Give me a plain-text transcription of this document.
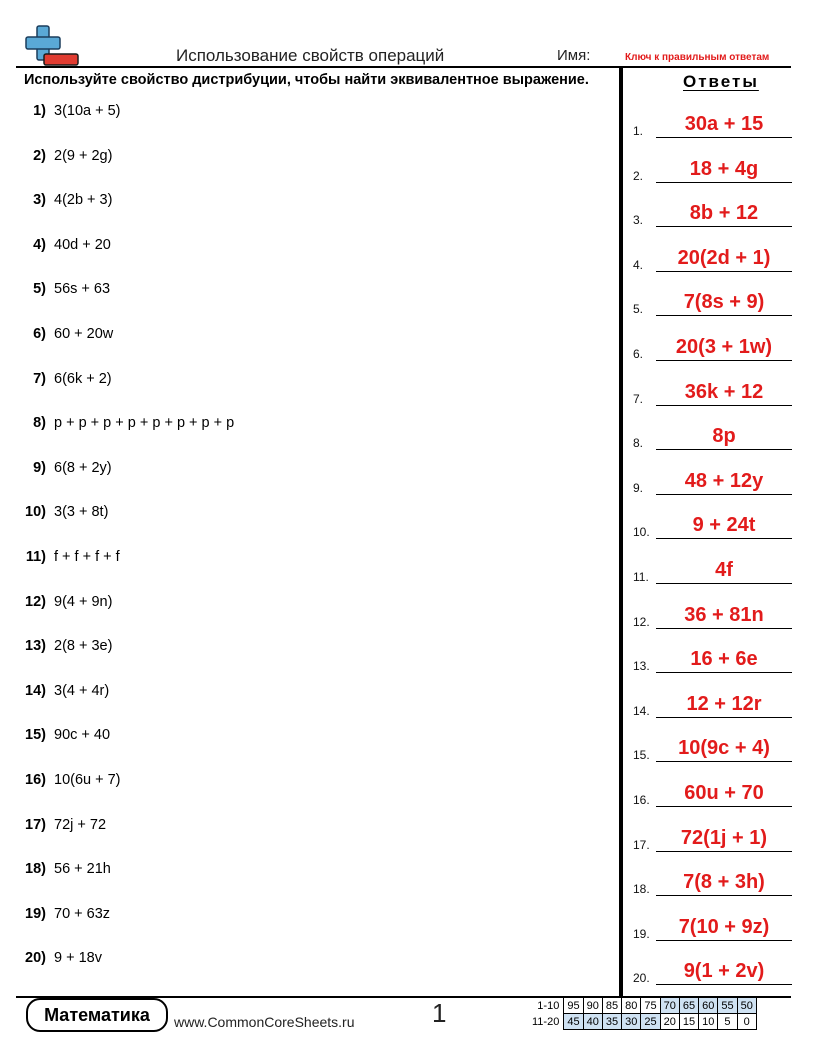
Использование свойств операций	Имя:	Ключ к правильным ответам
Используйте свойство дистрибуции, чтобы найти эквивалентное выражение.
1) 3(10a + 5)
2) 2(9 + 2g)
3) 4(2b + 3)
4) 40d + 20
5) 56s + 63
6) 60 + 20w
7) 6(6k + 2)
8) p + p + p + p + p + p + p + p
9) 6(8 + 2y)
10) 3(3 + 8t)
11) f + f + f + f
12) 9(4 + 9n)
13) 2(8 + 3e)
14) 3(4 + 4r)
15) 90c + 40
16) 10(6u + 7)
17) 72j + 72
18) 56 + 21h
19) 70 + 63z
20) 9 + 18v
Ответы
1.	30a + 15
2.	18 + 4g
3.	8b + 12
4.	20(2d + 1)
5.	7(8s + 9)
6.	20(3 + 1w)
7.	36k + 12
8.	8p
9.	48 + 12y
10.	9 + 24t
11.	4f
12.	36 + 81n
13.	16 + 6e
14.	12 + 12r
15.	10(9c + 4)
16.	60u + 70
17.	72(1j + 1)
18.	7(8 + 3h)
19.	7(10 + 9z)
20.	9(1 + 2v)
Математика	www.CommonCoreSheets.ru	1	1-10	95	90	85	80	75	70	65	60	55	50
11-20	45	40	35	30	25	20	15	10	5	0
